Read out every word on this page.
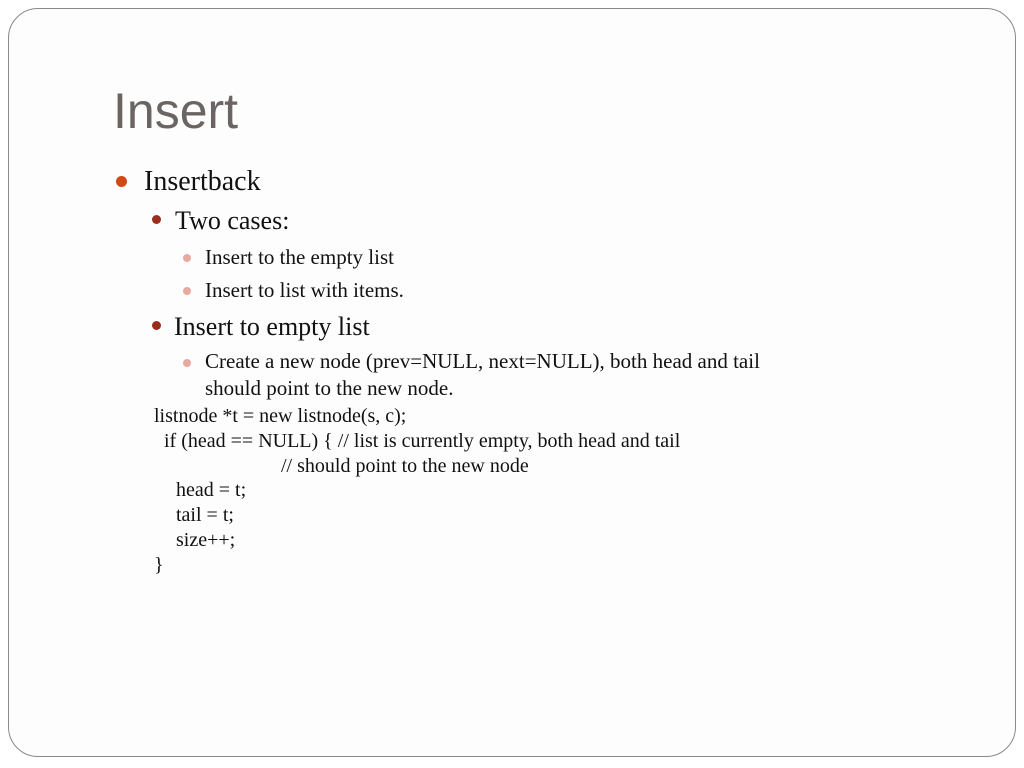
Insert
Insertback
Two cases:
Insert to the empty list
Insert to list with items.
Insert to empty list
Create a new node (prev=NULL, next=NULL), both head and tail
should point to the new node.
listnode *t = new listnode(s, c);
if (head == NULL) { // list is currently empty, both head and tail
// should point to the new node
head = t;
tail = t;
size++;
}
